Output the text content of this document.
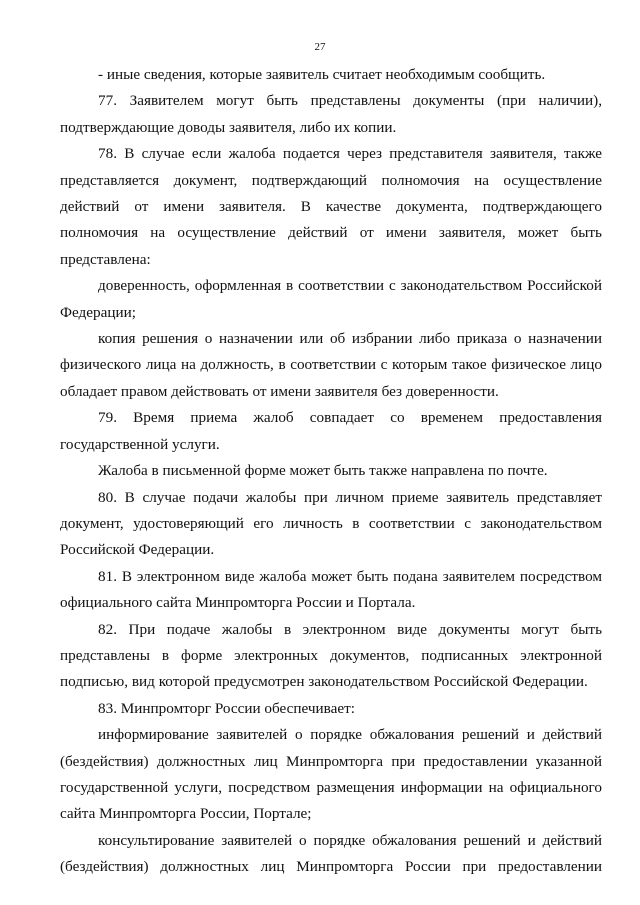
27

- иные сведения, которые заявитель считает необходимым сообщить.

77. Заявителем могут быть представлены документы (при наличии), подтверждающие доводы заявителя, либо их копии.

78. В случае если жалоба подается через представителя заявителя, также представляется документ, подтверждающий полномочия на осуществление действий от имени заявителя. В качестве документа, подтверждающего полномочия на осуществление действий от имени заявителя, может быть представлена:

доверенность, оформленная в соответствии с законодательством Российской Федерации;

копия решения о назначении или об избрании либо приказа о назначении физического лица на должность, в соответствии с которым такое физическое лицо обладает правом действовать от имени заявителя без доверенности.

79. Время приема жалоб совпадает со временем предоставления государственной услуги.

Жалоба в письменной форме может быть также направлена по почте.

80. В случае подачи жалобы при личном приеме заявитель представляет документ, удостоверяющий его личность в соответствии с законодательством Российской Федерации.

81. В электронном виде жалоба может быть подана заявителем посредством официального сайта Минпромторга России и Портала.

82. При подаче жалобы в электронном виде документы могут быть представлены в форме электронных документов, подписанных электронной подписью, вид которой предусмотрен законодательством Российской Федерации.

83. Минпромторг России обеспечивает:

информирование заявителей о порядке обжалования решений и действий (бездействия) должностных лиц Минпромторга при предоставлении указанной государственной услуги, посредством размещения информации на официального сайта Минпромторга России, Портале;

консультирование заявителей о порядке обжалования решений и действий (бездействия) должностных лиц Минпромторга России при предоставлении
